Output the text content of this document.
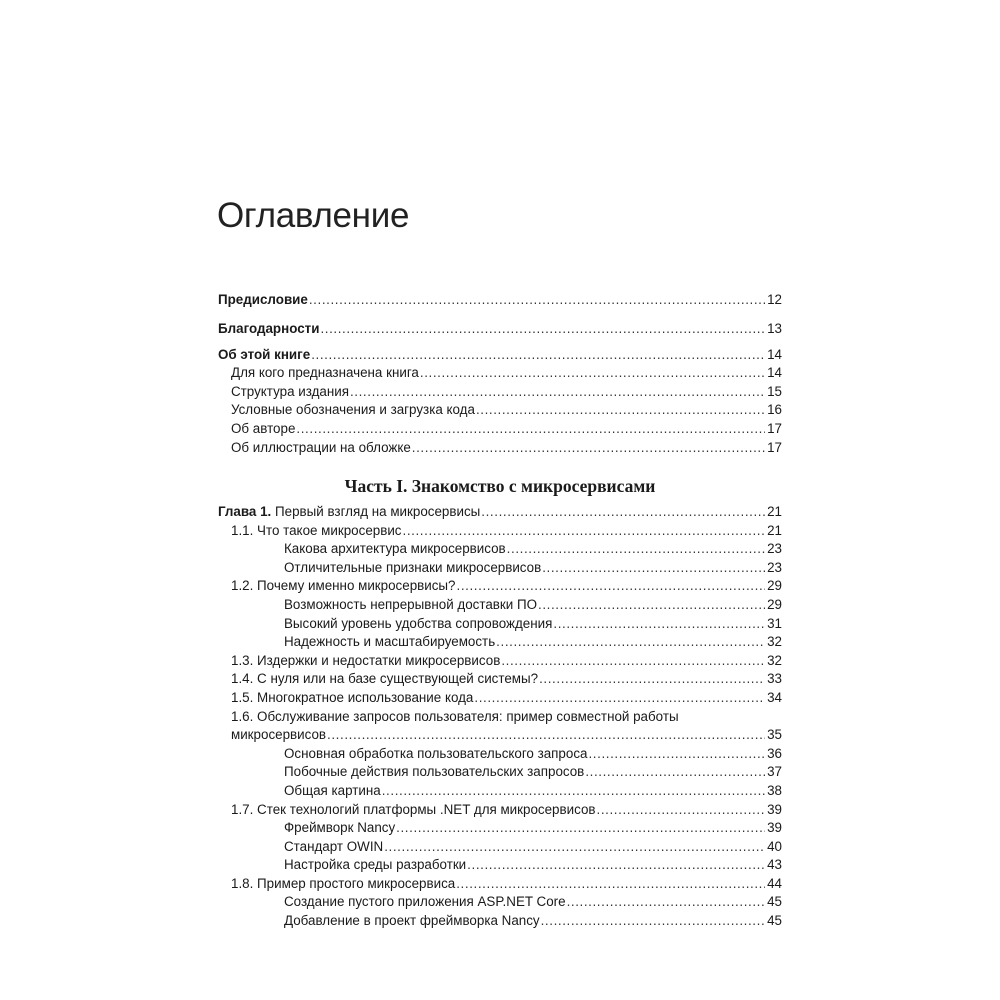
Оглавление
Предисловие .....	12
Благодарности .....	13
Об этой книге .....	14
Для кого предназначена книга .....	14
Структура издания .....	15
Условные обозначения и загрузка кода .....	16
Об авторе .....	17
Об иллюстрации на обложке .....	17
Часть I. Знакомство с микросервисами
Глава 1. Первый взгляд на микросервисы .....	21
1.1. Что такое микросервис .....	21
Какова архитектура микросервисов .....	23
Отличительные признаки микросервисов .....	23
1.2. Почему именно микросервисы? .....	29
Возможность непрерывной доставки ПО .....	29
Высокий уровень удобства сопровождения .....	31
Надежность и масштабируемость .....	32
1.3. Издержки и недостатки микросервисов .....	32
1.4. С нуля или на базе существующей системы? .....	33
1.5. Многократное использование кода .....	34
1.6. Обслуживание запросов пользователя: пример совместной работы
микросервисов .....	35
Основная обработка пользовательского запроса .....	36
Побочные действия пользовательских запросов .....	37
Общая картина .....	38
1.7. Стек технологий платформы .NET для микросервисов .....	39
Фреймворк Nancy .....	39
Стандарт OWIN .....	40
Настройка среды разработки .....	43
1.8. Пример простого микросервиса .....	44
Создание пустого приложения ASP.NET Core .....	45
Добавление в проект фреймворка Nancy .....	45
